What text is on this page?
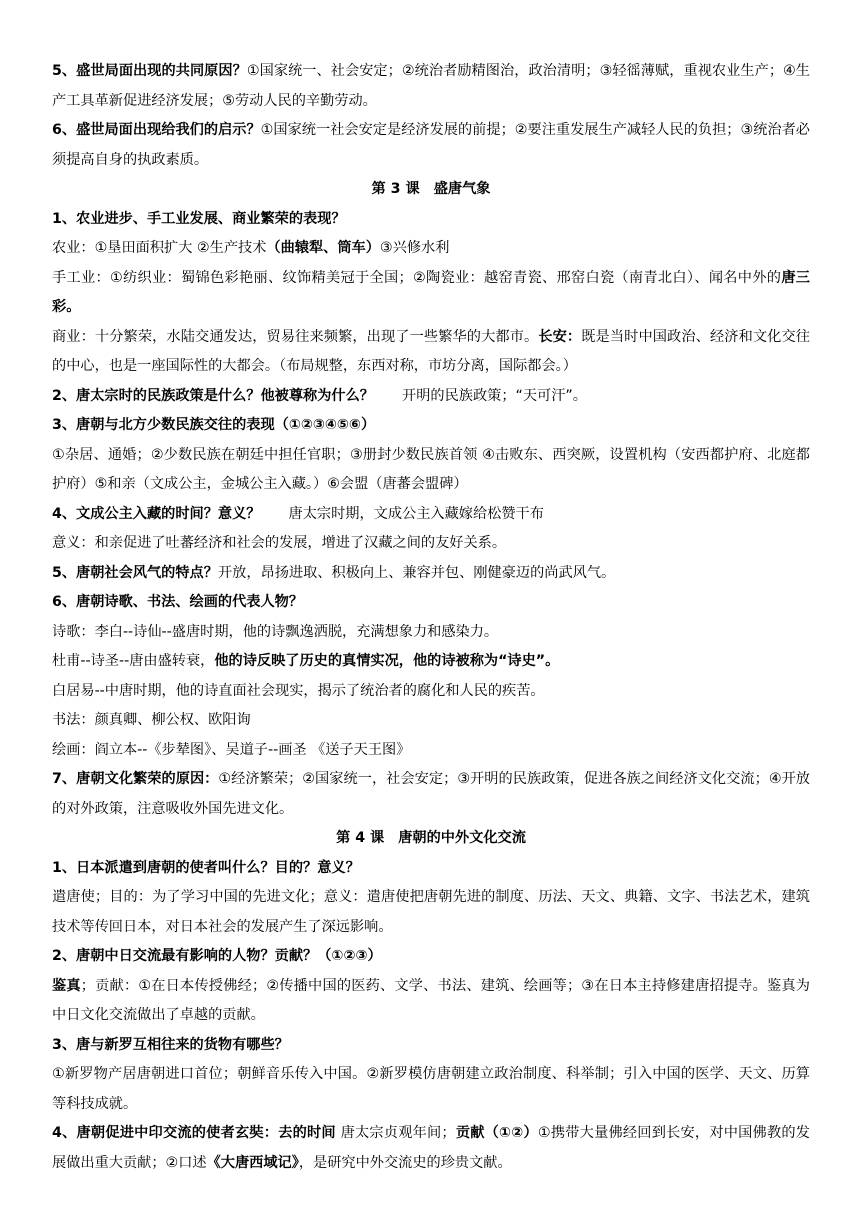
5、盛世局面出现的共同原因？①国家统一、社会安定；②统治者励精图治，政治清明；③轻徭薄赋，重视农业生产；④生产工具革新促进经济发展；⑤劳动人民的辛勤劳动。

6、盛世局面出现给我们的启示？①国家统一社会安定是经济发展的前提；②要注重发展生产减轻人民的负担；③统治者必须提高自身的执政素质。

第 3 课 盛唐气象

1、农业进步、手工业发展、商业繁荣的表现？

农业：①垦田面积扩大 ②生产技术（曲辕犁、筒车）③兴修水利

手工业：①纺织业：蜀锦色彩艳丽、纹饰精美冠于全国；②陶瓷业：越窑青瓷、邢窑白瓷（南青北白）、闻名中外的唐三彩。

商业：十分繁荣，水陆交通发达，贸易往来频繁，出现了一些繁华的大都市。长安：既是当时中国政治、经济和文化交往的中心，也是一座国际性的大都会。（布局规整，东西对称，市坊分离，国际都会。）

2、唐太宗时的民族政策是什么？他被尊称为什么？ 开明的民族政策；“天可汗”。

3、唐朝与北方少数民族交往的表现（①②③④⑤⑥）

①杂居、通婚；②少数民族在朝廷中担任官职；③册封少数民族首领 ④击败东、西突厥，设置机构（安西都护府、北庭都护府）⑤和亲（文成公主，金城公主入藏。）⑥会盟（唐蕃会盟碑）

4、文成公主入藏的时间？意义？ 唐太宗时期，文成公主入藏嫁给松赞干布

意义：和亲促进了吐蕃经济和社会的发展，增进了汉藏之间的友好关系。

5、唐朝社会风气的特点？开放，昂扬进取、积极向上、兼容并包、刚健豪迈的尚武风气。

6、唐朝诗歌、书法、绘画的代表人物？

诗歌：李白--诗仙--盛唐时期，他的诗飘逸洒脱，充满想象力和感染力。

杜甫--诗圣--唐由盛转衰，他的诗反映了历史的真情实况，他的诗被称为“诗史”。

白居易--中唐时期，他的诗直面社会现实，揭示了统治者的腐化和人民的疾苦。

书法：颜真卿、柳公权、欧阳询

绘画：阎立本--《步辇图》、吴道子--画圣 《送子天王图》

7、唐朝文化繁荣的原因：①经济繁荣；②国家统一，社会安定；③开明的民族政策，促进各族之间经济文化交流；④开放的对外政策，注意吸收外国先进文化。

第 4 课 唐朝的中外文化交流

1、日本派遣到唐朝的使者叫什么？目的？意义？

遣唐使；目的：为了学习中国的先进文化；意义：遣唐使把唐朝先进的制度、历法、天文、典籍、文字、书法艺术，建筑技术等传回日本，对日本社会的发展产生了深远影响。

2、唐朝中日交流最有影响的人物？贡献？（①②③）

鉴真；贡献：①在日本传授佛经；②传播中国的医药、文学、书法、建筑、绘画等；③在日本主持修建唐招提寺。鉴真为中日文化交流做出了卓越的贡献。

3、唐与新罗互相往来的货物有哪些？

①新罗物产居唐朝进口首位；朝鲜音乐传入中国。②新罗模仿唐朝建立政治制度、科举制；引入中国的医学、天文、历算等科技成就。

4、唐朝促进中印交流的使者玄奘：去的时间 唐太宗贞观年间；贡献（①②）①携带大量佛经回到长安，对中国佛教的发展做出重大贡献；②口述《大唐西域记》，是研究中外交流史的珍贵文献。
